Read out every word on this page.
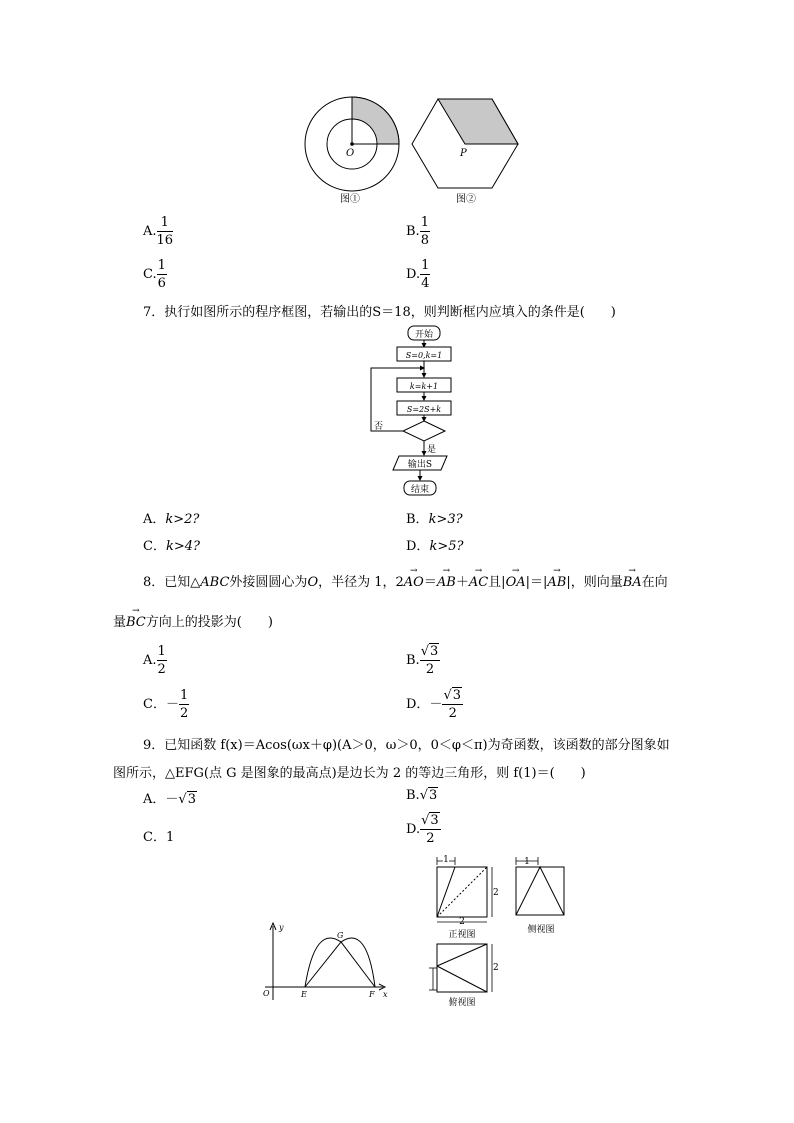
O
图①
P
图②
A. $\frac{1}{16}$	B. $\frac{1}{8}$
C. $\frac{1}{6}$	D. $\frac{1}{4}$
7．执行如图所示的程序框图，若输出的S＝18，则判断框内应填入的条件是(　　)
开始
S=0,k=1
k=k+1
S=2S+k
否
是
输出S
结束
A．k>2?	B．k>3?
C．k>4?	D．k>5?
8．已知△ABC外接圆圆心为O，半径为 1，2→ AO＝→ AB＋→ AC且|→ OA|＝|→ AB|，则向量→ BA在向
量→ BC方向上的投影为(　　)
A. $\frac{1}{2}$	B. $\frac{√3}{2}$
C．－ $\frac{1}{2}$	D．－ $\frac{√3}{2}$
9．已知函数 f(x)＝Acos(ωx＋φ)(A＞0，ω＞0，0＜φ＜π)为奇函数，该函数的部分图象如
图所示，△EFG(点 G 是图象的最高点)是边长为 2 的等边三角形，则 f(1)＝(　　)
A．－√3	B.√3
C．1
D. $\frac{√3}{2}$
y
x
O	E	F
G
1
2
2
正视图
1
侧视图
2
俯视图
